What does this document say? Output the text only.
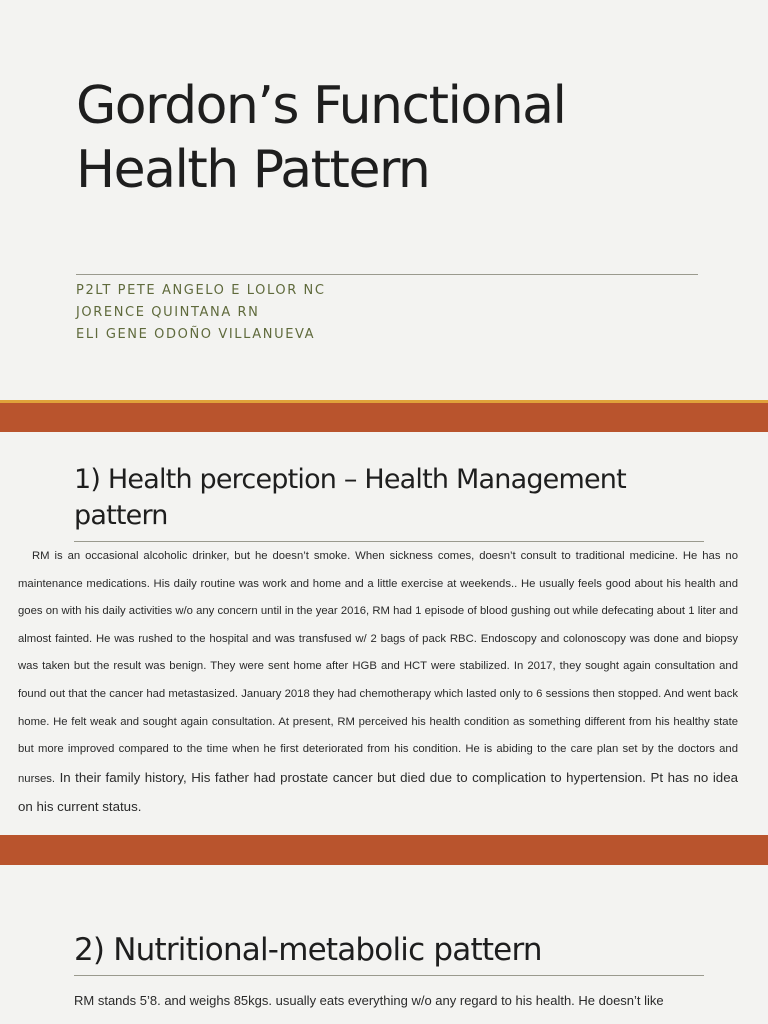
Gordon’s Functional Health Pattern
P2LT PETE ANGELO E LOLOR NC
JORENCE QUINTANA RN
ELI GENE ODOÑO VILLANUEVA
1) Health perception – Health Management pattern

RM is an occasional alcoholic drinker, but he doesn’t smoke. When sickness comes, doesn’t consult to traditional medicine. He has no maintenance medications. His daily routine was work and home and a little exercise at weekends.. He usually feels good about his health and goes on with his daily activities w/o any concern until in the year 2016, RM had 1 episode of blood gushing out while defecating about 1 liter and almost fainted. He was rushed to the hospital and was transfused w/ 2 bags of pack RBC. Endoscopy and colonoscopy was done and biopsy was taken but the result was benign. They were sent home after HGB and HCT were stabilized. In 2017, they sought again consultation and found out that the cancer had metastasized. January 2018 they had chemotherapy which lasted only to 6 sessions then stopped. And went back home. He felt weak and sought again consultation. At present, RM perceived his health condition as something different from his healthy state but more improved compared to the time when he first deteriorated from his condition. He is abiding to the care plan set by the doctors and nurses. In their family history, His father had prostate cancer but died due to complication to hypertension. Pt has no idea on his current status.

2) Nutritional-metabolic pattern

RM stands 5’8. and weighs 85kgs. usually eats everything w/o any regard to his health. He doesn’t like
